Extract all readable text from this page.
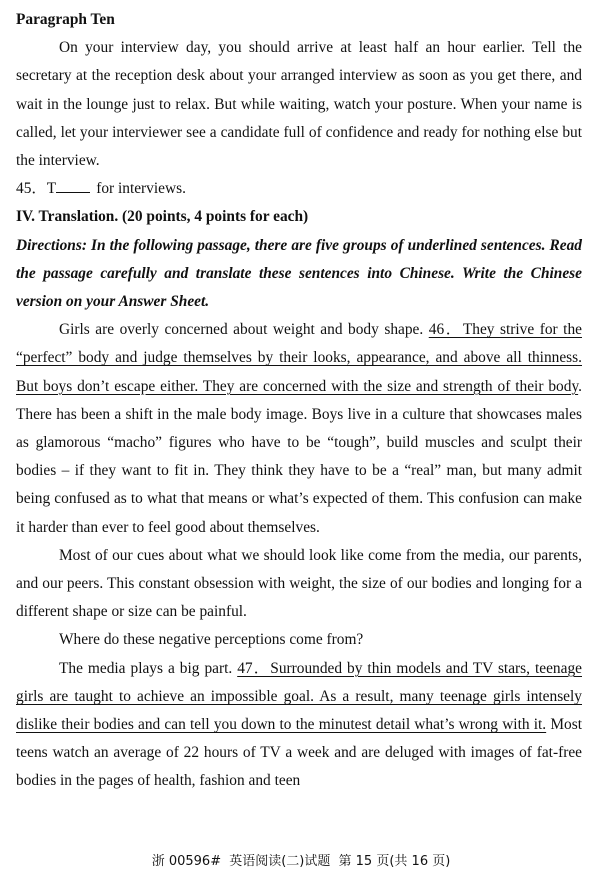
Paragraph Ten

On your interview day, you should arrive at least half an hour earlier. Tell the secretary at the reception desk about your arranged interview as soon as you get there, and wait in the lounge just to relax. But while waiting, watch your posture. When your name is called, let your interviewer see a candidate full of confidence and ready for nothing else but the interview.

45．T	for interviews.

IV. Translation. (20 points, 4 points for each)

Directions: In the following passage, there are five groups of underlined sentences. Read the passage carefully and translate these sentences into Chinese. Write the Chinese version on your Answer Sheet.

Girls are overly concerned about weight and body shape. 46．They strive for the “perfect” body and judge themselves by their looks, appearance, and above all thinness. But boys don’t escape either. They are concerned with the size and strength of their body. There has been a shift in the male body image. Boys live in a culture that showcases males as glamorous “macho” figures who have to be “tough”, build muscles and sculpt their bodies – if they want to fit in. They think they have to be a “real” man, but many admit being confused as to what that means or what’s expected of them. This confusion can make it harder than ever to feel good about themselves.

Most of our cues about what we should look like come from the media, our parents, and our peers. This constant obsession with weight, the size of our bodies and longing for a different shape or size can be painful.

Where do these negative perceptions come from?

The media plays a big part. 47．Surrounded by thin models and TV stars, teenage girls are taught to achieve an impossible goal. As a result, many teenage girls intensely dislike their bodies and can tell you down to the minutest detail what’s wrong with it. Most teens watch an average of 22 hours of TV a week and are deluged with images of fat-free bodies in the pages of health, fashion and teen

浙 00596# 英语阅读(二)试题 第 15 页(共 16 页)
